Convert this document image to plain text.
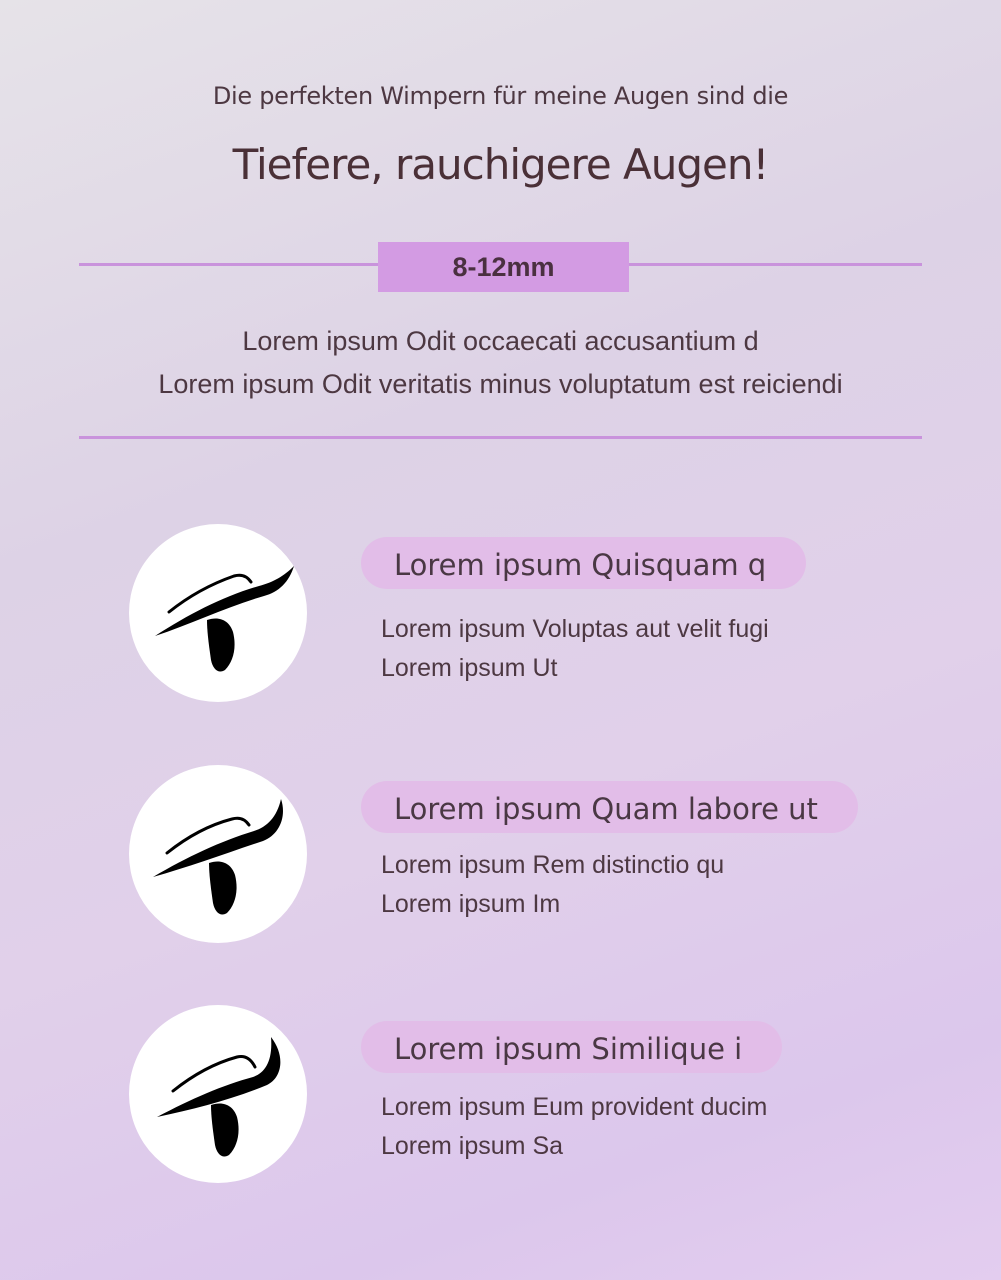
Die perfekten Wimpern für meine Augen sind die
Tiefere, rauchigere Augen!
8-12mm
Lorem ipsum Odit occaecati accusantium d
Lorem ipsum Odit veritatis minus voluptatum est reiciendi
Lorem ipsum Quisquam q
Lorem ipsum Voluptas aut velit fugi
Lorem ipsum Ut
Lorem ipsum Quam labore ut
Lorem ipsum Rem distinctio qu
Lorem ipsum Im
Lorem ipsum Similique i
Lorem ipsum Eum provident ducim
Lorem ipsum Sa
